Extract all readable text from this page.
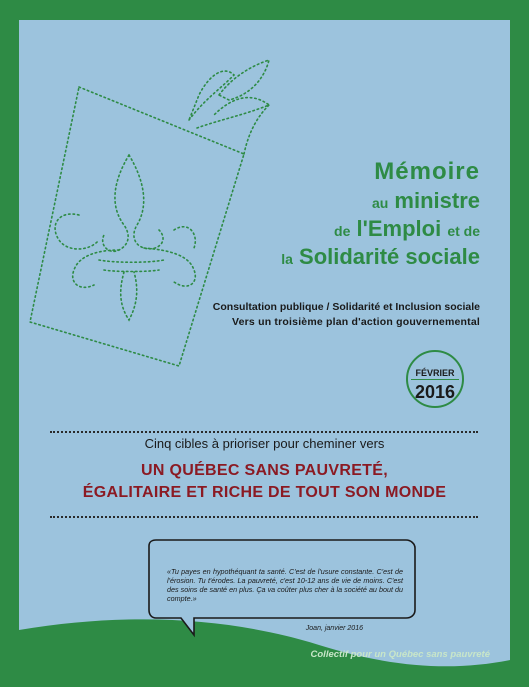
Mémoire
au ministre
de l'Emploi et de
la Solidarité sociale
Consultation publique / Solidarité et Inclusion sociale
Vers un troisième plan d'action gouvernemental
FÉVRIER
2016
Cinq cibles à prioriser pour cheminer vers
UN QUÉBEC SANS PAUVRETÉ,
ÉGALITAIRE ET RICHE DE TOUT SON MONDE
«Tu payes en hypothéquant ta santé. C'est de l'usure constante. C'est de l'érosion. Tu t'érodes. La pauvreté, c'est 10-12 ans de vie de moins. C'est des soins de santé en plus. Ça va coûter plus cher à la société au bout du compte.»
Joan, janvier 2016
Collectif pour un Québec sans pauvreté
